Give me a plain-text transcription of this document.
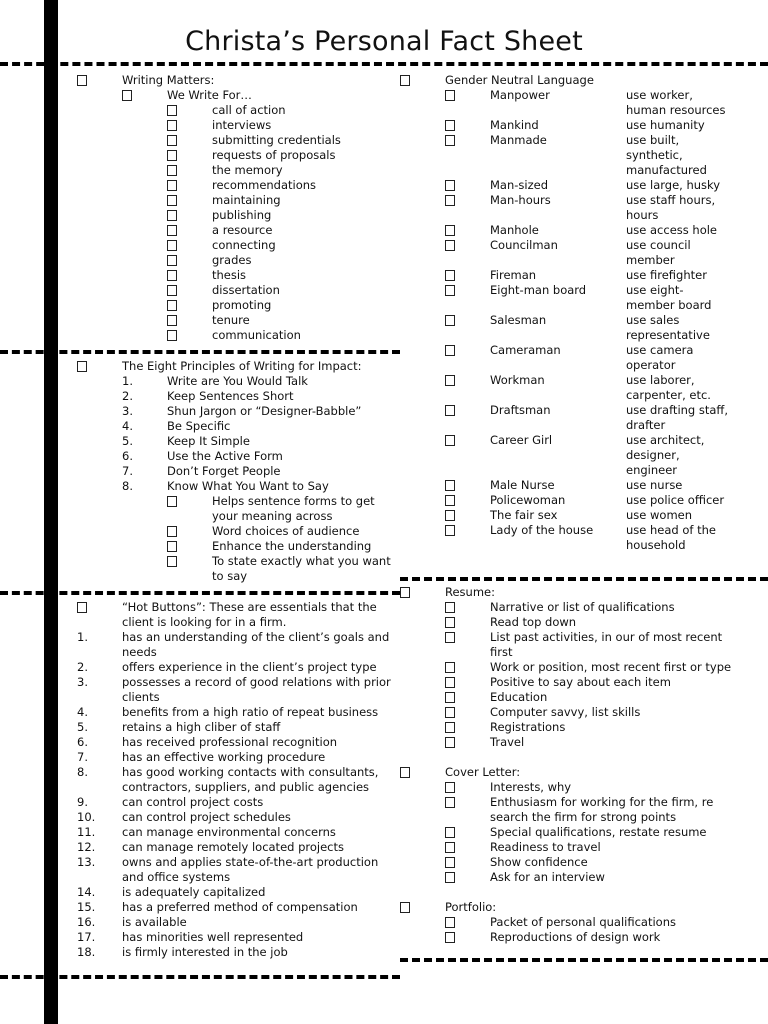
Christa’s Personal Fact Sheet
Writing Matters:
We Write For…
call of action
interviews
submitting credentials
requests of proposals
the memory
recommendations
maintaining
publishing
a resource
connecting
grades
thesis
dissertation
promoting
tenure
communication
The Eight Principles of Writing for Impact:
1.	Write are You Would Talk
2.	Keep Sentences Short
3.	Shun Jargon or “Designer-Babble”
4.	Be Specific
5.	Keep It Simple
6.	Use the Active Form
7.	Don’t Forget People
8.	Know What You Want to Say
Helps sentence forms to get
your meaning across
Word choices of audience
Enhance the understanding
To state exactly what you want
to say
“Hot Buttons”: These are essentials that the
client is looking for in a firm.
1.	has an understanding of the client’s goals and
needs
2.	offers experience in the client’s project type
3.	possesses a record of good relations with prior
clients
4.	benefits from a high ratio of repeat business
5.	retains a high cliber of staff
6.	has received professional recognition
7.	has an effective working procedure
8.	has good working contacts with consultants,
contractors, suppliers, and public agencies
9.	can control project costs
10. can control project schedules
11. can manage environmental concerns
12. can manage remotely located projects
13. owns and applies state-of-the-art production
and office systems
14. is adequately capitalized
15. has a preferred method of compensation
16. is available
17. has minorities well represented
18. is firmly interested in the job
Gender Neutral Language
Manpower	use worker,
human resources
Mankind	use humanity
Manmade	use built,
synthetic,
manufactured
Man-sized	use large, husky
Man-hours	use staff hours,
hours
Manhole	use access hole
Councilman	use council
member
Fireman	use firefighter
Eight-man board	use eight-
member board
Salesman	use sales
representative
Cameraman	use camera
operator
Workman	use laborer,
carpenter, etc.
Draftsman	use drafting staff,
drafter
Career Girl	use architect,
designer,
engineer
Male Nurse	use nurse
Policewoman	use police officer
The fair sex	use women
Lady of the house	use head of the
household
Resume:
Narrative or list of qualifications
Read top down
List past activities, in our of most recent
first
Work or position, most recent first or type
Positive to say about each item
Education
Computer savvy, list skills
Registrations
Travel
Cover Letter:
Interests, why
Enthusiasm for working for the firm, re
search the firm for strong points
Special qualifications, restate resume
Readiness to travel
Show confidence
Ask for an interview
Portfolio:
Packet of personal qualifications
Reproductions of design work
